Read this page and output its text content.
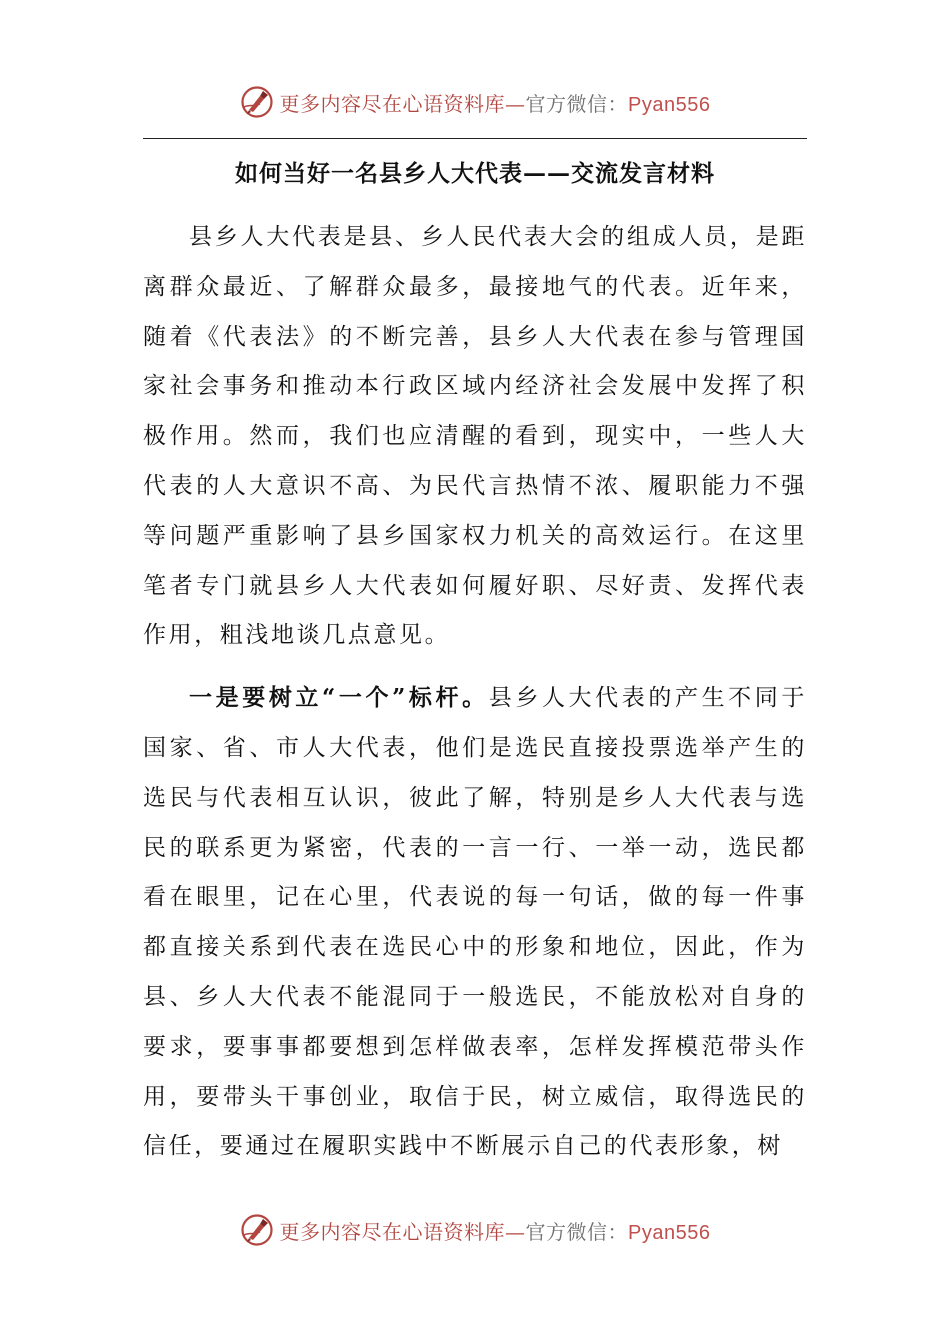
更多内容尽在心语资料库—官方微信：Pyan556
如何当好一名县乡人大代表——交流发言材料

县乡人大代表是县、乡人民代表大会的组成人员，是距离群众最近、了解群众最多，最接地气的代表。近年来，随着《代表法》的不断完善，县乡人大代表在参与管理国家社会事务和推动本行政区域内经济社会发展中发挥了积极作用。然而，我们也应清醒的看到，现实中，一些人大代表的人大意识不高、为民代言热情不浓、履职能力不强等问题严重影响了县乡国家权力机关的高效运行。在这里笔者专门就县乡人大代表如何履好职、尽好责、发挥代表作用，粗浅地谈几点意见。

一是要树立“一个”标杆。县乡人大代表的产生不同于国家、省、市人大代表，他们是选民直接投票选举产生的选民与代表相互认识，彼此了解，特别是乡人大代表与选民的联系更为紧密，代表的一言一行、一举一动，选民都看在眼里，记在心里，代表说的每一句话，做的每一件事都直接关系到代表在选民心中的形象和地位，因此，作为县、乡人大代表不能混同于一般选民，不能放松对自身的要求，要事事都要想到怎样做表率，怎样发挥模范带头作用，要带头干事创业，取信于民，树立威信，取得选民的信任，要通过在履职实践中不断展示自己的代表形象，树

更多内容尽在心语资料库—官方微信：Pyan556
